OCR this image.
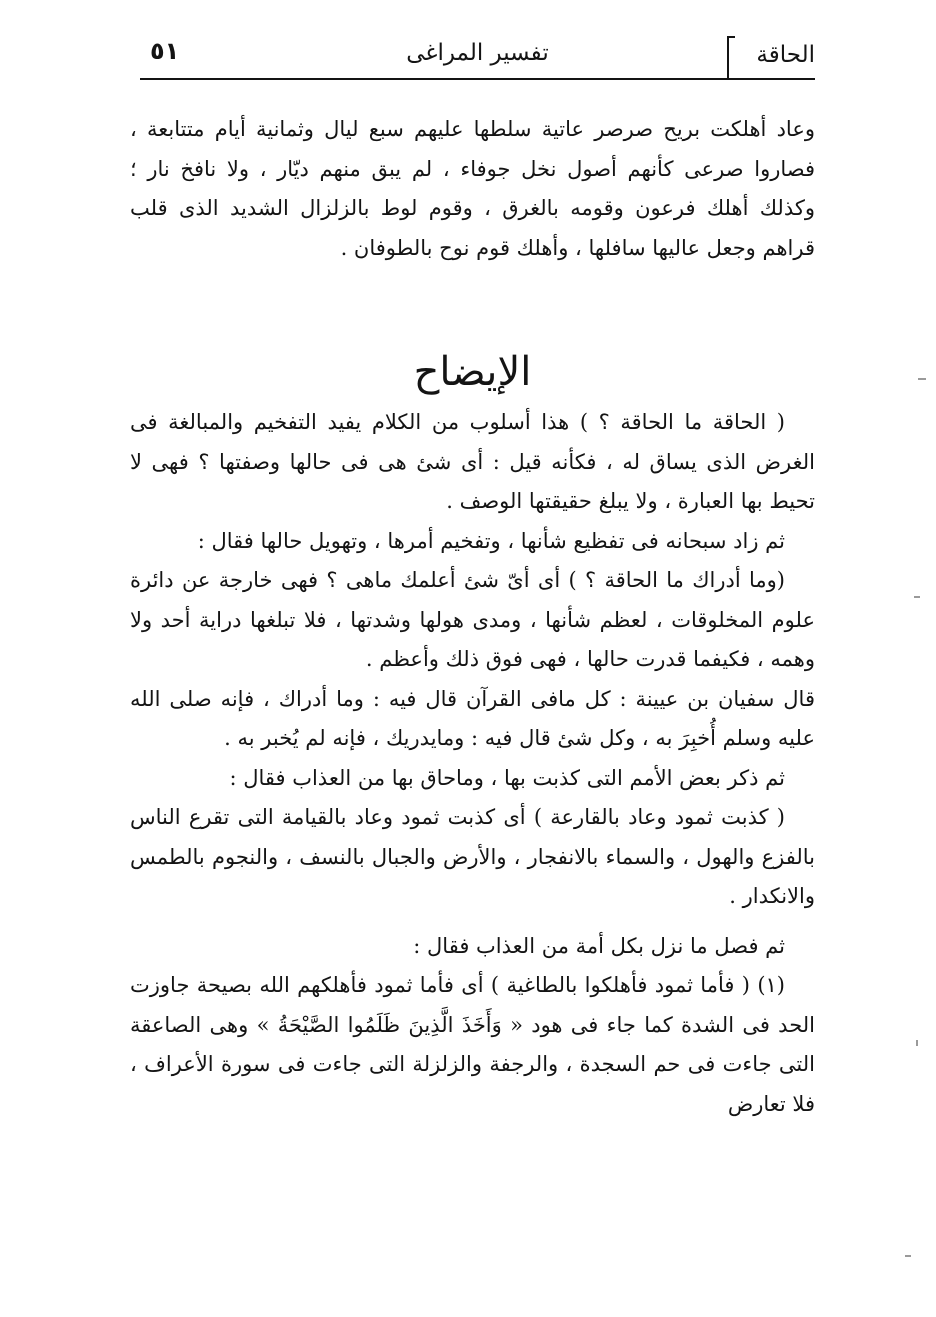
الحاقة
تفسير المراغى
٥١

وعاد أهلكت بريح صرصر عاتية سلطها عليهم سبع ليال وثمانية أيام متتابعة ، فصاروا صرعى كأنهم أصول نخل جوفاء ، لم يبق منهم ديّار ، ولا نافخ نار ؛ وكذلك أهلك فرعون وقومه بالغرق ، وقوم لوط بالزلزال الشديد الذى قلب قراهم وجعل عاليها سافلها ، وأهلك قوم نوح بالطوفان .

الإيضاح

( الحاقة ما الحاقة ؟ ) هذا أسلوب من الكلام يفيد التفخيم والمبالغة فى الغرض الذى يساق له ، فكأنه قيل : أى شئ هى فى حالها وصفتها ؟ فهى لا تحيط بها العبارة ، ولا يبلغ حقيقتها الوصف .

ثم زاد سبحانه فى تفظيع شأنها ، وتفخيم أمرها ، وتهويل حالها فقال :

(وما أدراك ما الحاقة ؟ ) أى أىّ شئ أعلمك ماهى ؟ فهى خارجة عن دائرة علوم المخلوقات ، لعظم شأنها ، ومدى هولها وشدتها ، فلا تبلغها دراية أحد ولا وهمه ، فكيفما قدرت حالها ، فهى فوق ذلك وأعظم .

قال سفيان بن عيينة : كل مافى القرآن قال فيه : وما أدراك ، فإنه صلى الله عليه وسلم أُخبِرَ به ، وكل شئ قال فيه : ومايدريك ، فإنه لم يُخبر به .

ثم ذكر بعض الأمم التى كذبت بها ، وماحاق بها من العذاب فقال :

( كذبت ثمود وعاد بالقارعة ) أى كذبت ثمود وعاد بالقيامة التى تقرع الناس بالفزع والهول ، والسماء بالانفجار ، والأرض والجبال بالنسف ، والنجوم بالطمس والانكدار .

ثم فصل ما نزل بكل أمة من العذاب فقال :

(١) ( فأما ثمود فأهلكوا بالطاغية ) أى فأما ثمود فأهلكهم الله بصيحة جاوزت الحد فى الشدة كما جاء فى هود « وَأَخَذَ الَّذِينَ ظَلَمُوا الصَّيْحَةُ » وهى الصاعقة التى جاءت فى حم السجدة ، والرجفة والزلزلة التى جاءت فى سورة الأعراف ، فلا تعارض
